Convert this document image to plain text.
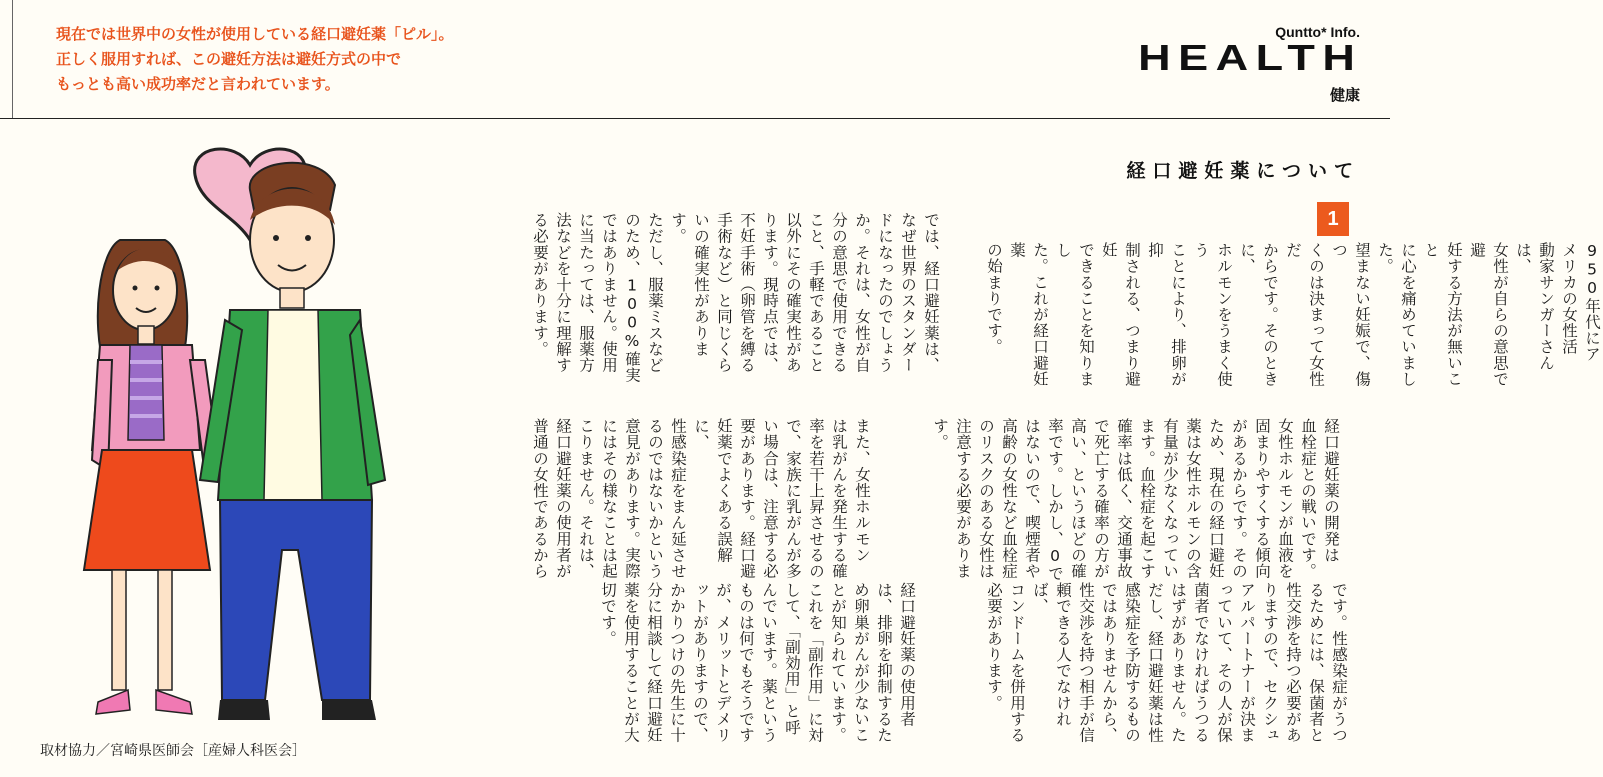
現在では世界中の女性が使用している経口避妊薬「ピル」。
正しく服用すれば、この避妊方法は避妊方式の中で
もっとも高い成功率だと言われています。
Quntto* Info.
HEALTH
健康
経口避妊薬について
1
950年代にア
メリカの女性活
動家サンガーさんは、
女性が自らの意思で避
妊する方法が無いこと
に心を痛めていました。
望まない妊娠で、傷つ
くのは決まって女性だ
からです。そのときに、
ホルモンをうまく使う
ことにより、排卵が抑
制される、つまり避妊
できることを知りまし
た。これが経口避妊薬
の始まりです。
では、経口避妊薬は、
なぜ世界のスタンダー
ドになったのでしょう
か。それは、女性が自
分の意思で使用できる
こと、手軽であること
以外にその確実性があ
ります。現時点では、
不妊手術（卵管を縛る
手術など）と同じくら
いの確実性があります。
ただし、服薬ミスなど
のため、100%確実
ではありません。使用
に当たっては、服薬方
法などを十分に理解す
る必要があります。
経口避妊薬の開発は
血栓症との戦いです。
女性ホルモンが血液を
固まりやすくする傾向
があるからです。その
ため、現在の経口避妊
薬は女性ホルモンの含
有量が少なくなってい
ます。血栓症を起こす
確率は低く、交通事故
で死亡する確率の方が
高い、というほどの確
率です。しかし、0で
はないので、喫煙者や
高齢の女性など血栓症
のリスクのある女性は
注意する必要がありま
す。
また、女性ホルモン
は乳がんを発生する確
率を若干上昇させるの
で、家族に乳がんが多
い場合は、注意する必
要があります。経口避
妊薬でよくある誤解に、
性感染症をまん延させ
るのではないかという
意見があります。実際
にはその様なことは起
こりません。それは、
経口避妊薬の使用者が
普通の女性であるから
です。性感染症がうつ
るためには、保菌者と
性交渉を持つ必要があ
りますので、セクシュ
アルパートナーが決ま
っていて、その人が保
菌者でなければうつる
はずがありません。た
だし、経口避妊薬は性
感染症を予防するもの
ではありませんから、
性交渉を持つ相手が信
頼できる人でなければ、
コンドームを併用する
必要があります。
経口避妊薬の使用者
は、排卵を抑制するた
め卵巣がんが少ないこ
とが知られています。
これを「副作用」に対
して、「副効用」と呼
んでいます。薬という
ものは何でもそうです
が、メリットとデメリ
ットがありますので、
かかりつけの先生に十
分に相談して経口避妊
薬を使用することが大
切です。
取材協力／宮崎県医師会［産婦人科医会］
